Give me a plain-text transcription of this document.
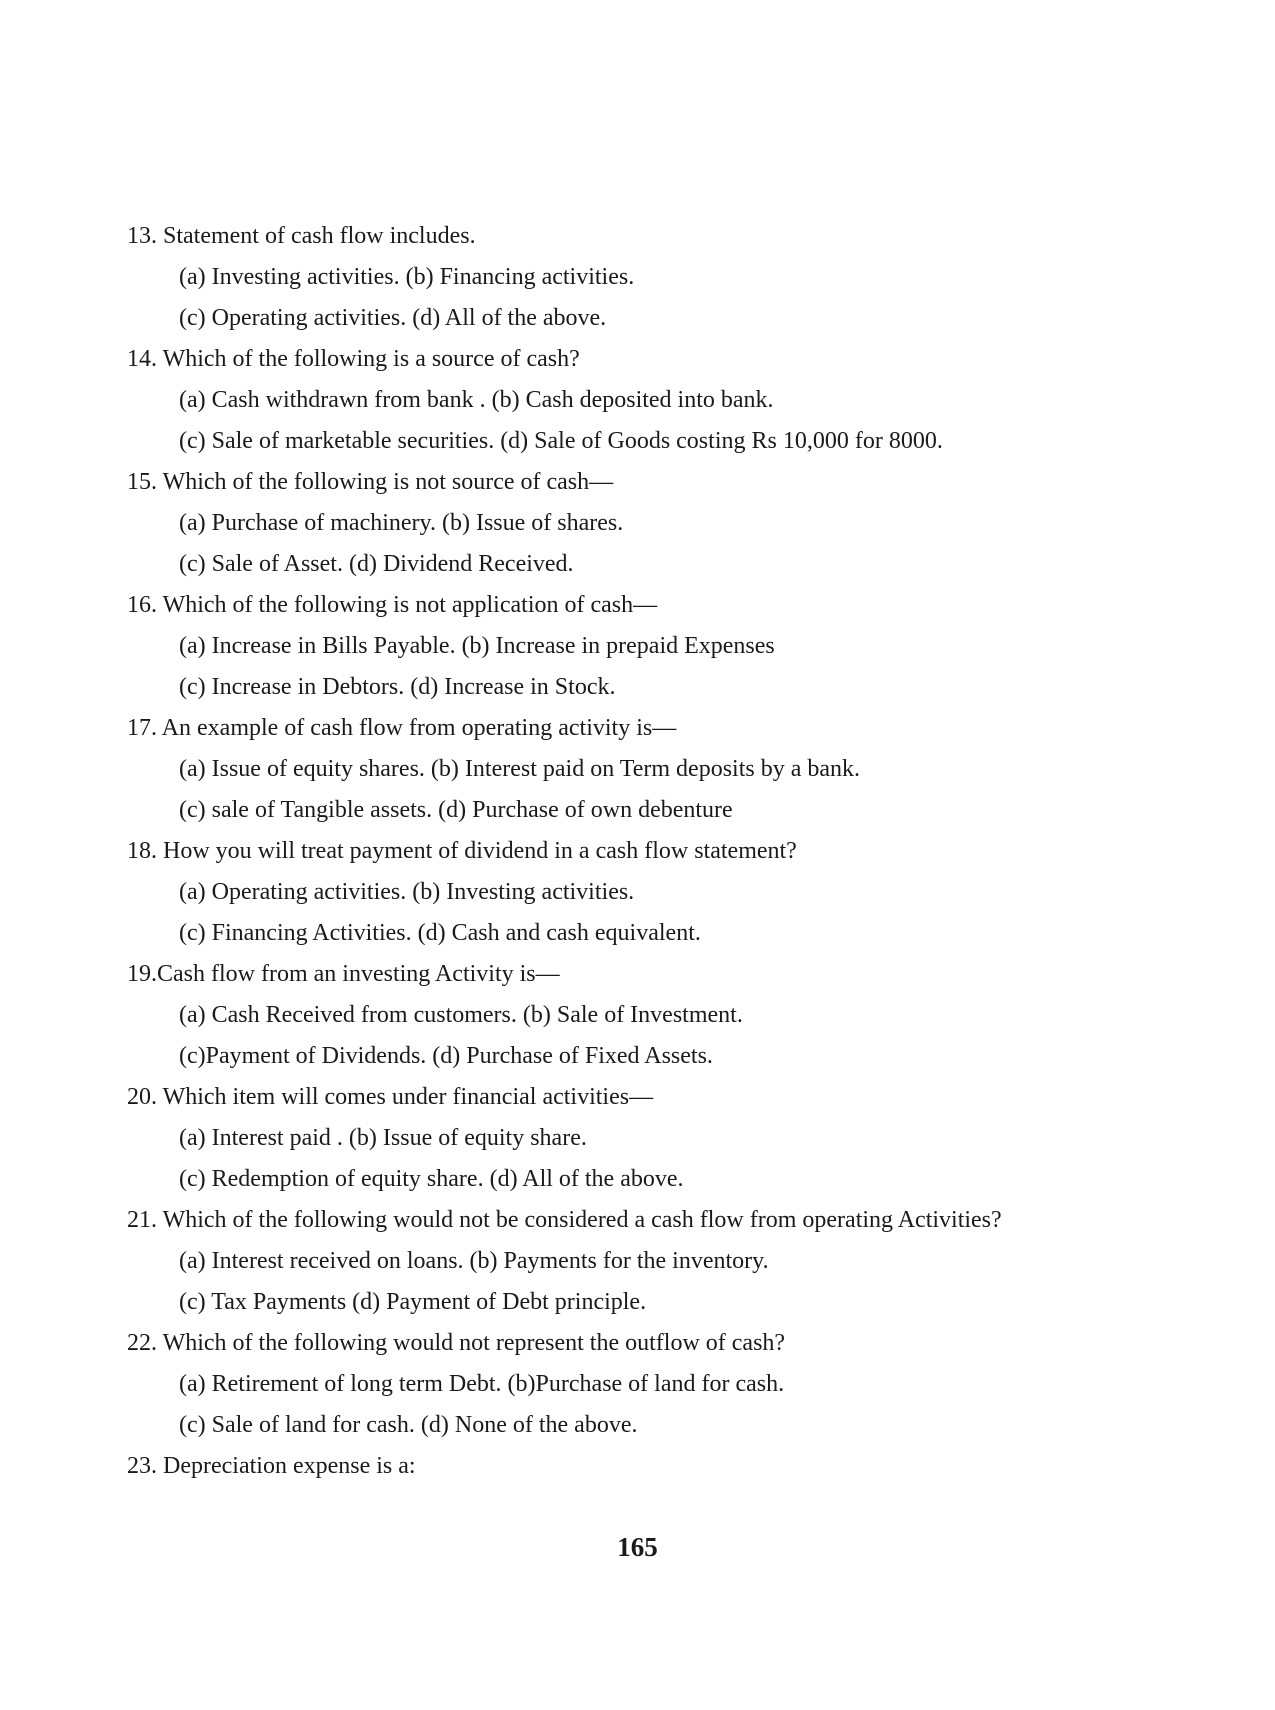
13. Statement of cash flow includes.
(a) Investing activities. (b) Financing activities.
(c) Operating activities. (d) All of the above.
14. Which of the following is a source of cash?
(a) Cash withdrawn from bank . (b) Cash deposited into bank.
(c) Sale of marketable securities. (d) Sale of Goods costing Rs 10,000 for 8000.
15. Which of the following is not source of cash—
(a) Purchase of machinery. (b) Issue of shares.
(c) Sale of Asset. (d) Dividend Received.
16. Which of the following is not application of cash—
(a) Increase in Bills Payable. (b) Increase in prepaid Expenses
(c) Increase in Debtors. (d) Increase in Stock.
17. An example of cash flow from operating activity is—
(a) Issue of equity shares. (b) Interest paid on Term deposits by a bank.
(c) sale of Tangible assets. (d) Purchase of own debenture
18. How you will treat payment of dividend in a cash flow statement?
(a) Operating activities. (b) Investing activities.
(c) Financing Activities. (d) Cash and cash equivalent.
19.Cash flow from an investing Activity is—
(a) Cash Received from customers. (b) Sale of Investment.
(c)Payment of Dividends. (d) Purchase of Fixed Assets.
20. Which item will comes under financial activities—
(a) Interest paid . (b) Issue of equity share.
(c) Redemption of equity share. (d) All of the above.
21. Which of the following would not be considered a cash flow from operating Activities?
(a) Interest received on loans. (b) Payments for the inventory.
(c) Tax Payments (d) Payment of Debt principle.
22. Which of the following would not represent the outflow of cash?
(a) Retirement of long term Debt. (b)Purchase of land for cash.
(c) Sale of land for cash. (d) None of the above.
23. Depreciation expense is a:
165
